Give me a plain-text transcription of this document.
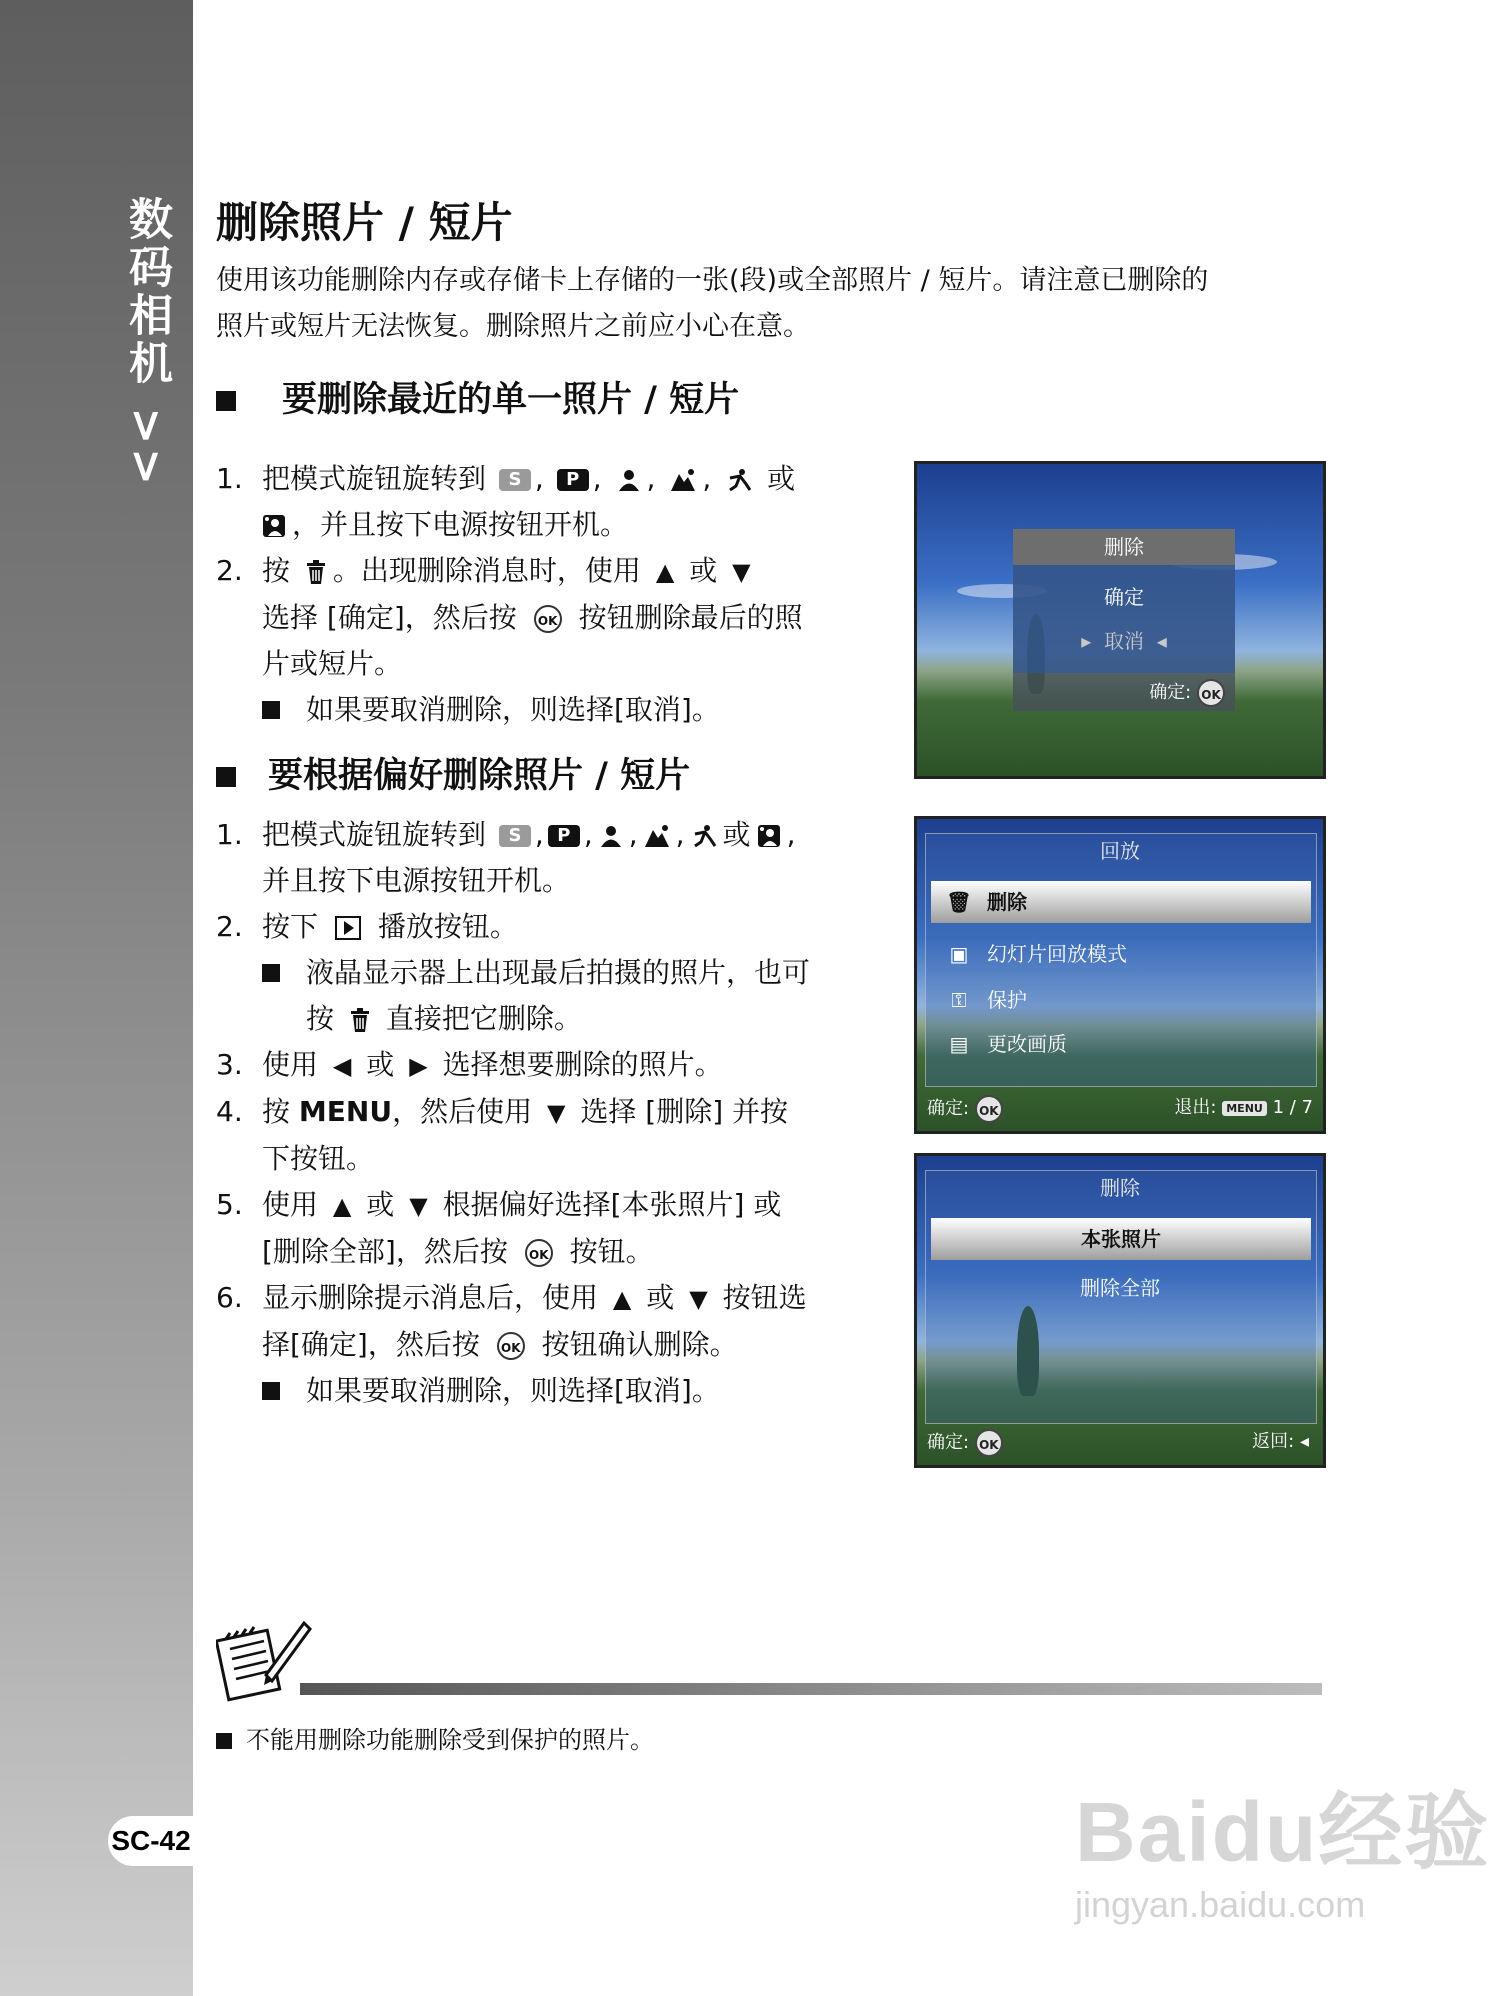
数码相机 >>
SC-42
删除照片 / 短片
使用该功能删除内存或存储卡上存储的一张(段)或全部照片 / 短片。请注意已删除的
照片或短片无法恢复。删除照片之前应小心在意。
要删除最近的单一照片 / 短片
1. 把模式旋钮旋转到 S , P , , ,  或
，并且按下电源按钮开机。
2. 按 。出现删除消息时，使用 ▲ 或 ▼
选择 [确定]，然后按 OK 按钮删除最后的照片或短片。
如果要取消删除，则选择[取消]。
要根据偏好删除照片 / 短片
1. 把模式旋钮旋转到 S , P , , , 或 ,
并且按下电源按钮开机。
2. 按下 播放按钮。
液晶显示器上出现最后拍摄的照片，也可按 直接把它删除。
3. 使用 ◀ 或 ▶ 选择想要删除的照片。
4. 按 MENU，然后使用 ▼ 选择 [删除] 并按下按钮。
5. 使用 ▲ 或 ▼ 根据偏好选择[本张照片] 或[删除全部]，然后按 OK 按钮。
6. 显示删除提示消息后，使用 ▲ 或 ▼ 按钮选择[确定]，然后按 OK 按钮确认删除。
如果要取消删除，则选择[取消]。
删除
确定
▸  取消  ◂
确定: OK
回放
🗑 删除
▣ 幻灯片回放模式
⚿ 保护
▤ 更改画质
确定: OK	退出: MENU 1 / 7
删除
本张照片
删除全部
确定: OK	返回: ◂
不能用删除功能删除受到保护的照片。
Baidu经验
jingyan.baidu.com
